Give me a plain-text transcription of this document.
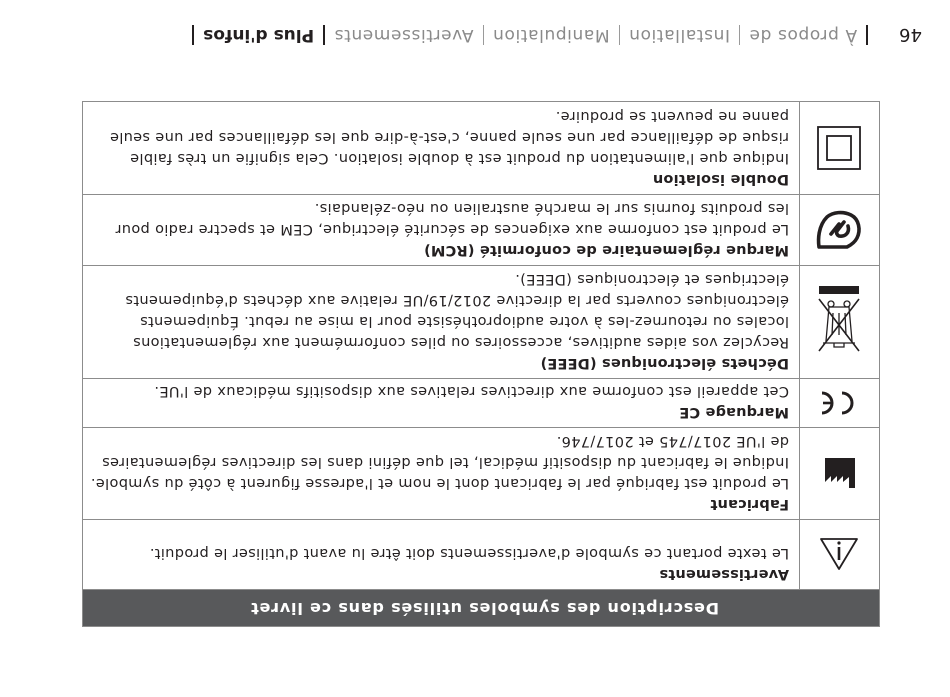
46
À propos de
Installation
Manipulation
Avertissements
Plus d'infos
Description des symboles utilisés dans ce livret
Avertissements
Le texte portant ce symbole d'avertissements doit être lu avant d'utiliser le produit.
Fabricant
Le produit est fabriqué par le fabricant dont le nom et l'adresse figurent à côté du symbole. Indique le fabricant du dispositif médical, tel que défini dans les directives réglementaires de l'UE 2017/745 et 2017/746.
Marquage CE
Cet appareil est conforme aux directives relatives aux dispositifs médicaux de l'UE.
Déchets électroniques (DEEE)
Recyclez vos aides auditives, accessoires ou piles conformément aux réglementations locales ou retournez-les à votre audioprothésiste pour la mise au rebut. Équipements électroniques couverts par la directive 2012/19/UE relative aux déchets d'équipements électriques et électroniques (DEEE).
Marque réglementaire de conformité (RCM)
Le produit est conforme aux exigences de sécurité électrique, CEM et spectre radio pour les produits fournis sur le marché australien ou néo-zélandais.
Double isolation
Indique que l'alimentation du produit est à double isolation. Cela signifie un très faible risque de défaillance par une seule panne, c'est-à-dire que les défaillances par une seule panne ne peuvent se produire.
